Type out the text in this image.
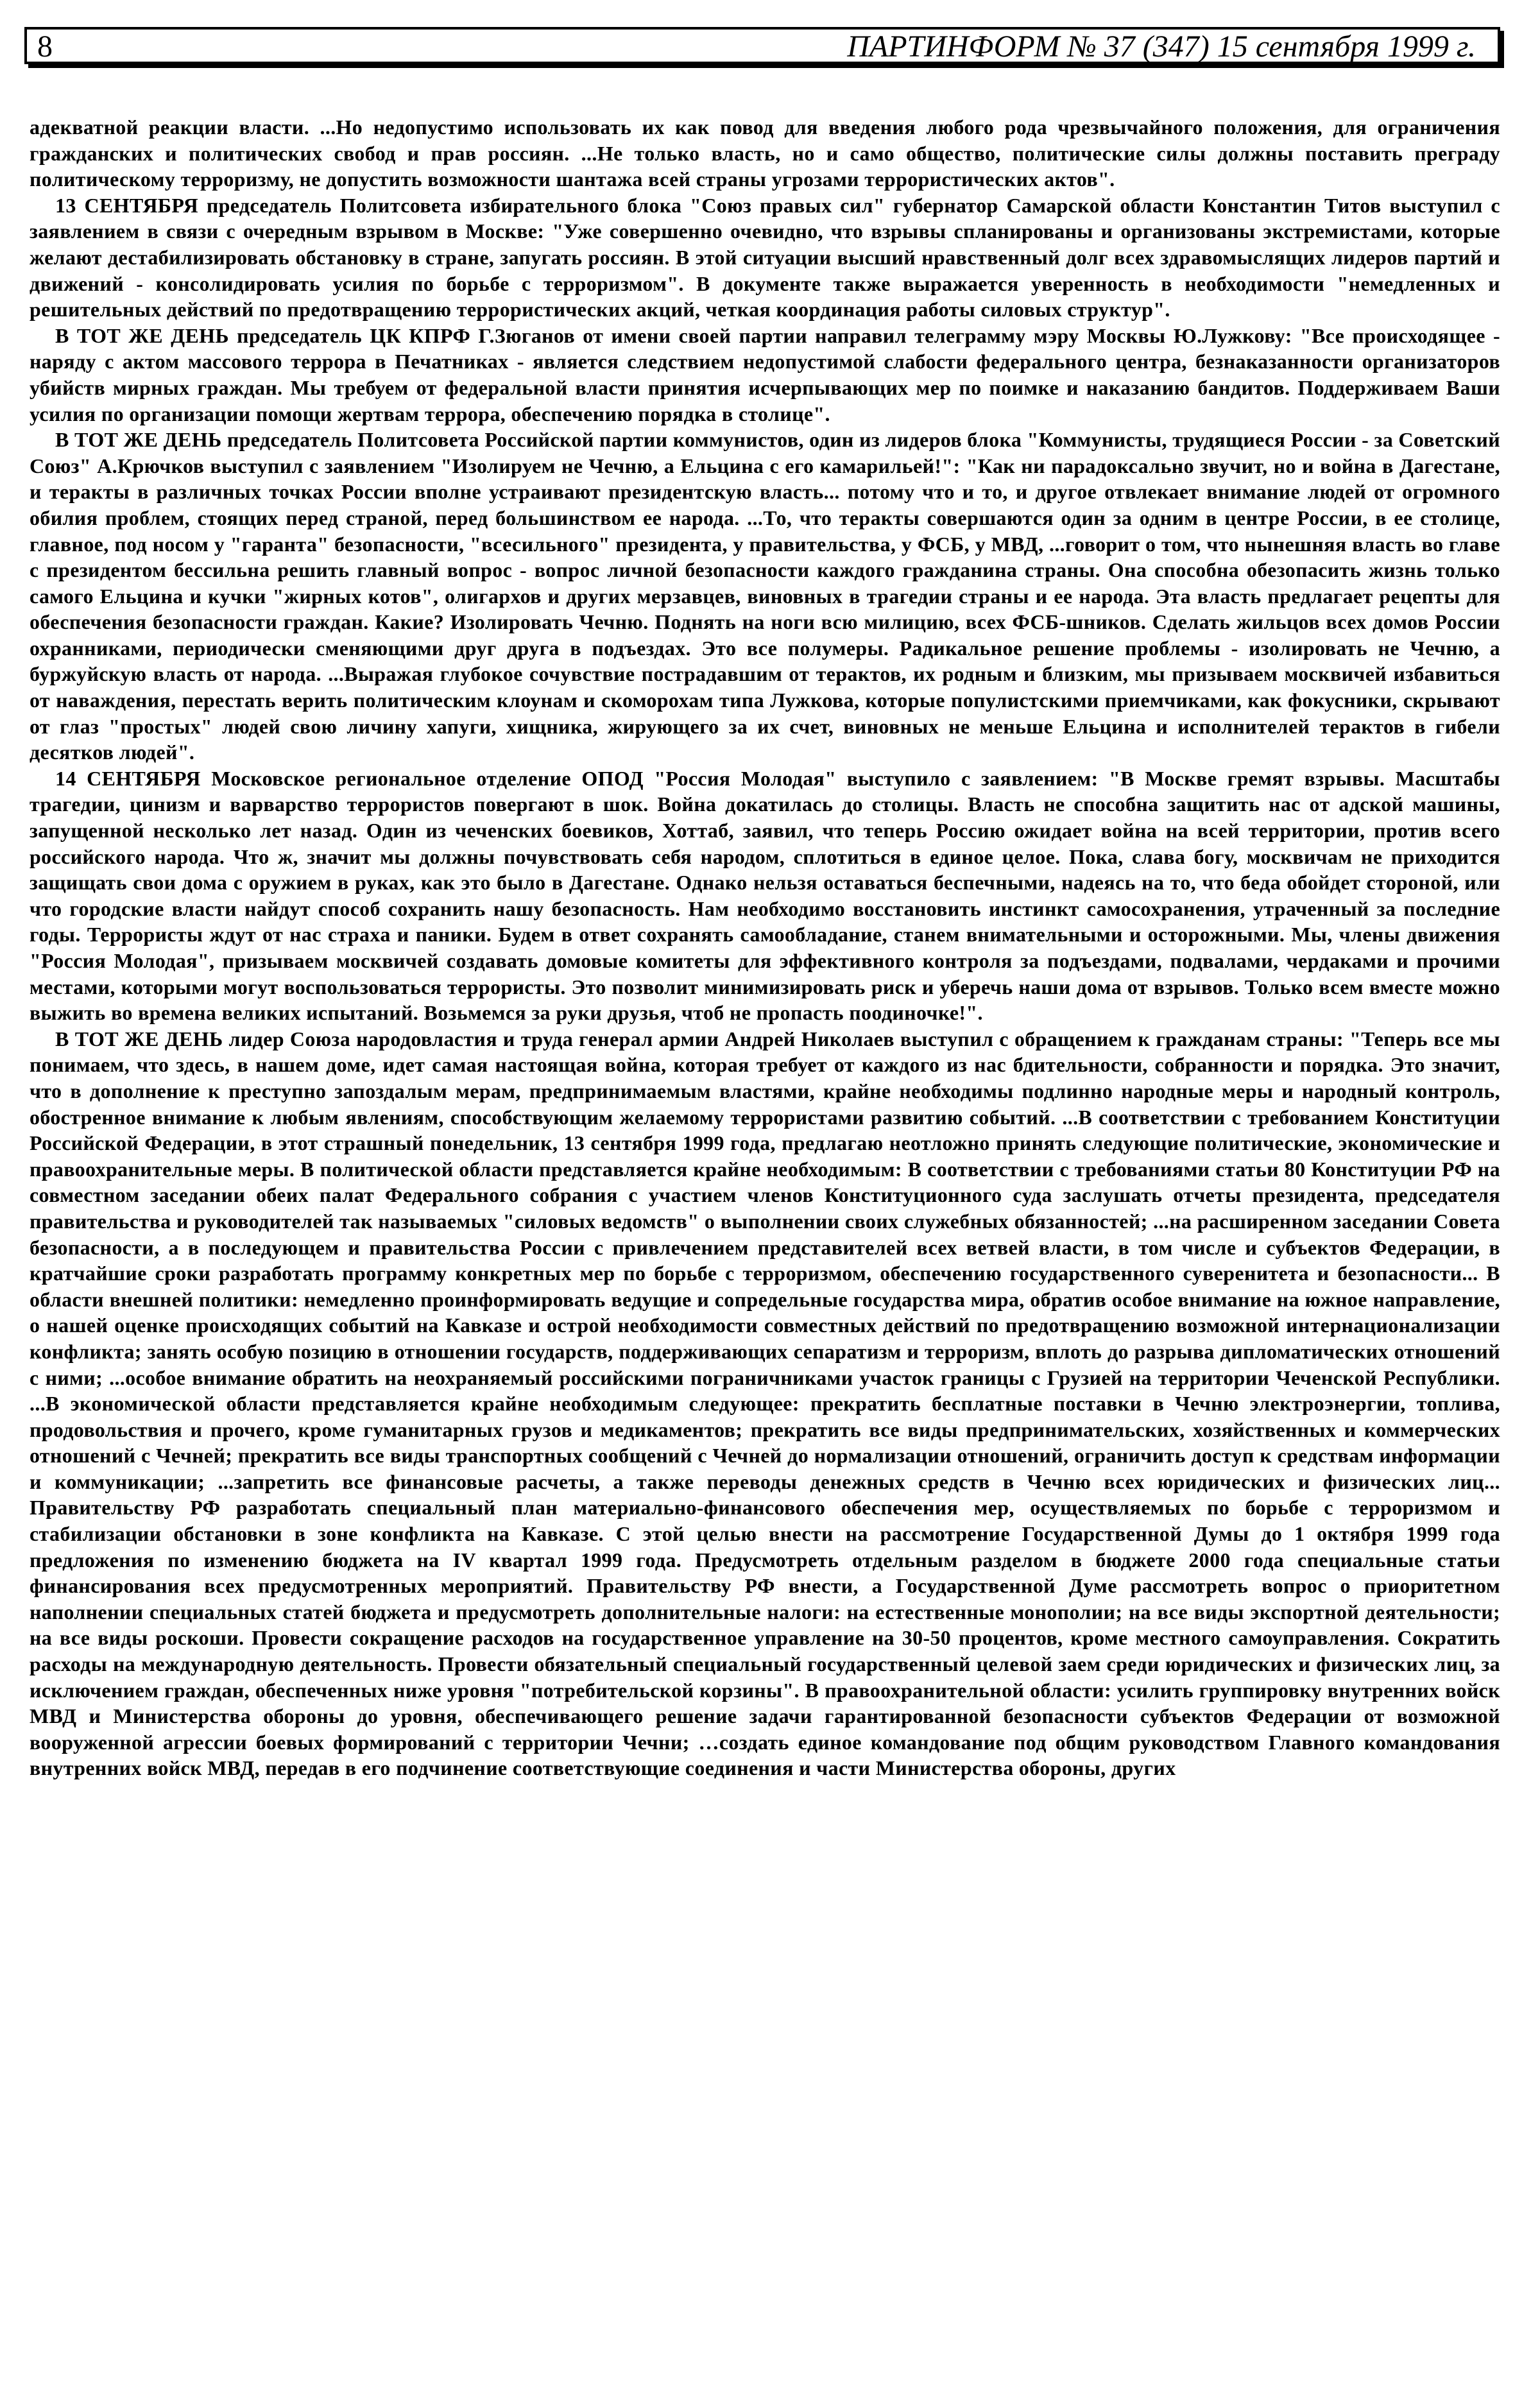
8	ПАРТИНФОРМ № 37 (347) 15 сентября 1999 г.

адекватной реакции власти. ...Но недопустимо использовать их как повод для введения любого рода чрезвычайного положения, для ограничения гражданских и политических свобод и прав россиян. ...Не только власть, но и само общество, политические силы должны поставить преграду политическому терроризму, не допустить возможности шантажа всей страны угрозами террористических актов".

13 СЕНТЯБРЯ председатель Политсовета избирательного блока "Союз правых сил" губернатор Самарской области Константин Титов выступил с заявлением в связи с очередным взрывом в Москве: "Уже совершенно очевидно, что взрывы спланированы и организованы экстремистами, которые желают дестабилизировать обстановку в стране, запугать россиян. В этой ситуации высший нравственный долг всех здравомыслящих лидеров партий и движений - консолидировать усилия по борьбе с терроризмом". В документе также выражается уверенность в необходимости "немедленных и решительных действий по предотвращению террористических акций, четкая координация работы силовых структур".

В ТОТ ЖЕ ДЕНЬ председатель ЦК КПРФ Г.Зюганов от имени своей партии направил телеграмму мэру Москвы Ю.Лужкову: "Все происходящее - наряду с актом массового террора в Печатниках - является следствием недопустимой слабости федерального центра, безнаказанности организаторов убийств мирных граждан. Мы требуем от федеральной власти принятия исчерпывающих мер по поимке и наказанию бандитов. Поддерживаем Ваши усилия по организации помощи жертвам террора, обеспечению порядка в столице".

В ТОТ ЖЕ ДЕНЬ председатель Политсовета Российской партии коммунистов, один из лидеров блока "Коммунисты, трудящиеся России - за Советский Союз" А.Крючков выступил с заявлением "Изолируем не Чечню, а Ельцина с его камарильей!": "Как ни парадоксально звучит, но и война в Дагестане, и теракты в различных точках России вполне устраивают президентскую власть... потому что и то, и другое отвлекает внимание людей от огромного обилия проблем, стоящих перед страной, перед большинством ее народа. ...То, что теракты совершаются один за одним в центре России, в ее столице, главное, под носом у "гаранта" безопасности, "всесильного" президента, у правительства, у ФСБ, у МВД, ...говорит о том, что нынешняя власть во главе с президентом бессильна решить главный вопрос - вопрос личной безопасности каждого гражданина страны. Она способна обезопасить жизнь только самого Ельцина и кучки "жирных котов", олигархов и других мерзавцев, виновных в трагедии страны и ее народа. Эта власть предлагает рецепты для обеспечения безопасности граждан. Какие? Изолировать Чечню. Поднять на ноги всю милицию, всех ФСБ-шников. Сделать жильцов всех домов России охранниками, периодически сменяющими друг друга в подъездах. Это все полумеры. Радикальное решение проблемы - изолировать не Чечню, а буржуйскую власть от народа. ...Выражая глубокое сочувствие пострадавшим от терактов, их родным и близким, мы призываем москвичей избавиться от наваждения, перестать верить политическим клоунам и скоморохам типа Лужкова, которые популистскими приемчиками, как фокусники, скрывают от глаз "простых" людей свою личину хапуги, хищника, жирующего за их счет, виновных не меньше Ельцина и исполнителей терактов в гибели десятков людей".

14 СЕНТЯБРЯ Московское региональное отделение ОПОД "Россия Молодая" выступило с заявлением: "В Москве гремят взрывы. Масштабы трагедии, цинизм и варварство террористов повергают в шок. Война докатилась до столицы. Власть не способна защитить нас от адской машины, запущенной несколько лет назад. Один из чеченских боевиков, Хоттаб, заявил, что теперь Россию ожидает война на всей территории, против всего российского народа. Что ж, значит мы должны почувствовать себя народом, сплотиться в единое целое. Пока, слава богу, москвичам не приходится защищать свои дома с оружием в руках, как это было в Дагестане. Однако нельзя оставаться беспечными, надеясь на то, что беда обойдет стороной, или что городские власти найдут способ сохранить нашу безопасность. Нам необходимо восстановить инстинкт самосохранения, утраченный за последние годы. Террористы ждут от нас страха и паники. Будем в ответ сохранять самообладание, станем внимательными и осторожными. Мы, члены движения "Россия Молодая", призываем москвичей создавать домовые комитеты для эффективного контроля за подъездами, подвалами, чердаками и прочими местами, которыми могут воспользоваться террористы. Это позволит минимизировать риск и уберечь наши дома от взрывов. Только всем вместе можно выжить во времена великих испытаний. Возьмемся за руки друзья, чтоб не пропасть поодиночке!".

В ТОТ ЖЕ ДЕНЬ лидер Союза народовластия и труда генерал армии Андрей Николаев выступил с обращением к гражданам страны: "Теперь все мы понимаем, что здесь, в нашем доме, идет самая настоящая война, которая требует от каждого из нас бдительности, собранности и порядка. Это значит, что в дополнение к преступно запоздалым мерам, предпринимаемым властями, крайне необходимы подлинно народные меры и народный контроль, обостренное внимание к любым явлениям, способствующим желаемому террористами развитию событий. ...В соответствии с требованием Конституции Российской Федерации, в этот страшный понедельник, 13 сентября 1999 года, предлагаю неотложно принять следующие политические, экономические и правоохранительные меры. В политической области представляется крайне необходимым: В соответствии с требованиями статьи 80 Конституции РФ на совместном заседании обеих палат Федерального собрания с участием членов Конституционного суда заслушать отчеты президента, председателя правительства и руководителей так называемых "силовых ведомств" о выполнении своих служебных обязанностей; ...на расширенном заседании Совета безопасности, а в последующем и правительства России с привлечением представителей всех ветвей власти, в том числе и субъектов Федерации, в кратчайшие сроки разработать программу конкретных мер по борьбе с терроризмом, обеспечению государственного суверенитета и безопасности... В области внешней политики: немедленно проинформировать ведущие и сопредельные государства мира, обратив особое внимание на южное направление, о нашей оценке происходящих событий на Кавказе и острой необходимости совместных действий по предотвращению возможной интернационализации конфликта; занять особую позицию в отношении государств, поддерживающих сепаратизм и терроризм, вплоть до разрыва дипломатических отношений с ними; ...особое внимание обратить на неохраняемый российскими пограничниками участок границы с Грузией на территории Чеченской Республики. ...В экономической области представляется крайне необходимым следующее: прекратить бесплатные поставки в Чечню электроэнергии, топлива, продовольствия и прочего, кроме гуманитарных грузов и медикаментов; прекратить все виды предпринимательских, хозяйственных и коммерческих отношений с Чечней; прекратить все виды транспортных сообщений с Чечней до нормализации отношений, ограничить доступ к средствам информации и коммуникации; ...запретить все финансовые расчеты, а также переводы денежных средств в Чечню всех юридических и физических лиц... Правительству РФ разработать специальный план материально-финансового обеспечения мер, осуществляемых по борьбе с терроризмом и стабилизации обстановки в зоне конфликта на Кавказе. С этой целью внести на рассмотрение Государственной Думы до 1 октября 1999 года предложения по изменению бюджета на IV квартал 1999 года. Предусмотреть отдельным разделом в бюджете 2000 года специальные статьи финансирования всех предусмотренных мероприятий. Правительству РФ внести, а Государственной Думе рассмотреть вопрос о приоритетном наполнении специальных статей бюджета и предусмотреть дополнительные налоги: на естественные монополии; на все виды экспортной деятельности; на все виды роскоши. Провести сокращение расходов на государственное управление на 30-50 процентов, кроме местного самоуправления. Сократить расходы на международную деятельность. Провести обязательный специальный государственный целевой заем среди юридических и физических лиц, за исключением граждан, обеспеченных ниже уровня "потребительской корзины". В правоохранительной области: усилить группировку внутренних войск МВД и Министерства обороны до уровня, обеспечивающего решение задачи гарантированной безопасности субъектов Федерации от возможной вооруженной агрессии боевых формирований с территории Чечни; …создать единое командование под общим руководством Главного командования внутренних войск МВД, передав в его подчинение соответствующие соединения и части Министерства обороны, других
